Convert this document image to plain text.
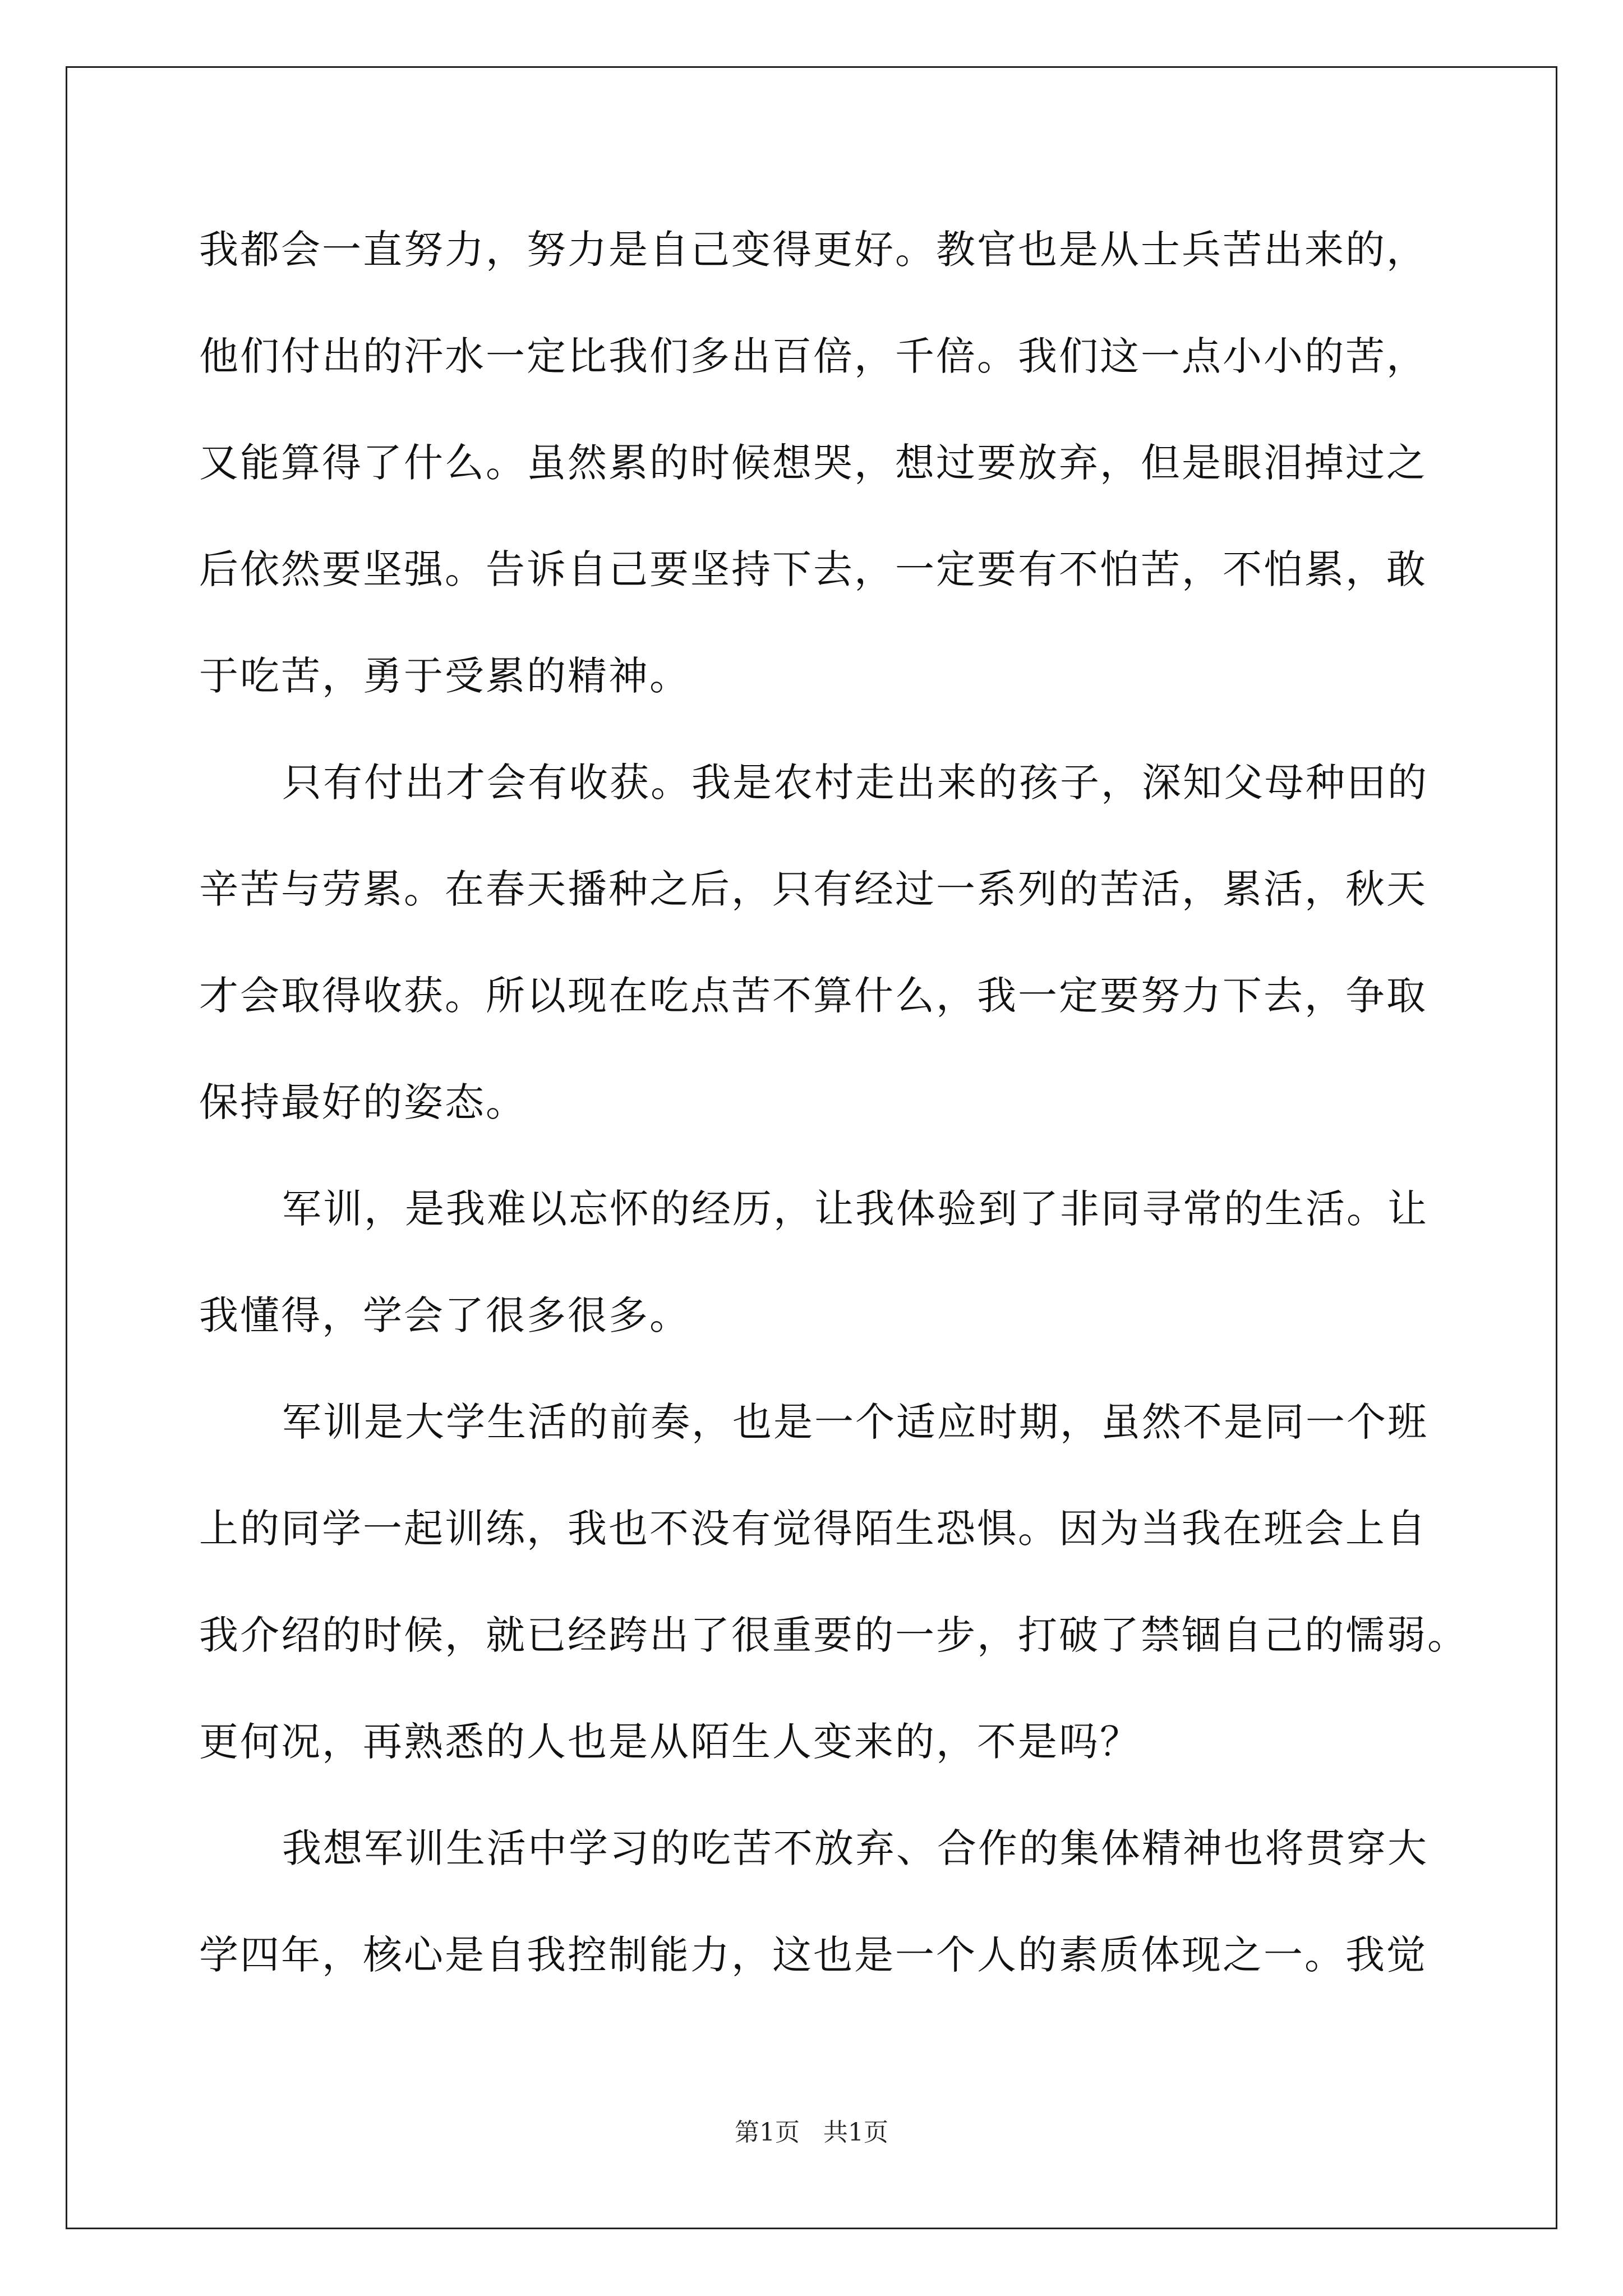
我都会一直努力，努力是自己变得更好。教官也是从士兵苦出来的，
他们付出的汗水一定比我们多出百倍，千倍。我们这一点小小的苦，
又能算得了什么。虽然累的时候想哭，想过要放弃，但是眼泪掉过之
后依然要坚强。告诉自己要坚持下去，一定要有不怕苦，不怕累，敢
于吃苦，勇于受累的精神。
只有付出才会有收获。我是农村走出来的孩子，深知父母种田的
辛苦与劳累。在春天播种之后，只有经过一系列的苦活，累活，秋天
才会取得收获。所以现在吃点苦不算什么，我一定要努力下去，争取
保持最好的姿态。
军训，是我难以忘怀的经历，让我体验到了非同寻常的生活。让
我懂得，学会了很多很多。
军训是大学生活的前奏，也是一个适应时期，虽然不是同一个班
上的同学一起训练，我也不没有觉得陌生恐惧。因为当我在班会上自
我介绍的时候，就已经跨出了很重要的一步，打破了禁锢自己的懦弱。
更何况，再熟悉的人也是从陌生人变来的，不是吗？
我想军训生活中学习的吃苦不放弃、合作的集体精神也将贯穿大
学四年，核心是自我控制能力，这也是一个人的素质体现之一。我觉
第1页   共1页
